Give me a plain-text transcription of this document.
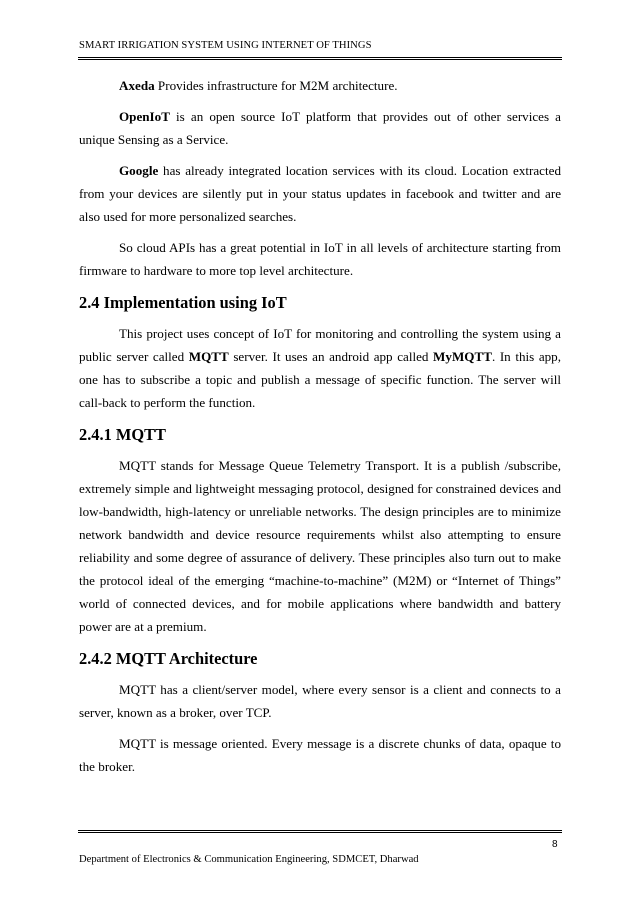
SMART IRRIGATION SYSTEM USING INTERNET OF THINGS

Axeda Provides infrastructure for M2M architecture.

OpenIoT is an open source IoT platform that provides out of other services a unique Sensing as a Service.

Google has already integrated location services with its cloud. Location extracted from your devices are silently put in your status updates in facebook and twitter and are also used for more personalized searches.

So cloud APIs has a great potential in IoT in all levels of architecture starting from firmware to hardware to more top level architecture.

2.4 Implementation using IoT

This project uses concept of IoT for monitoring and controlling the system using a public server called MQTT server. It uses an android app called MyMQTT. In this app, one has to subscribe a topic and publish a message of specific function. The server will call-back to perform the function.

2.4.1 MQTT

MQTT stands for Message Queue Telemetry Transport. It is a publish /subscribe, extremely simple and lightweight messaging protocol, designed for constrained devices and low-bandwidth, high-latency or unreliable networks. The design principles are to minimize network bandwidth and device resource requirements whilst also attempting to ensure reliability and some degree of assurance of delivery. These principles also turn out to make the protocol ideal of the emerging “machine-to-machine” (M2M) or “Internet of Things” world of connected devices, and for mobile applications where bandwidth and battery power are at a premium.

2.4.2 MQTT Architecture

MQTT has a client/server model, where every sensor is a client and connects to a server, known as a broker, over TCP.

MQTT is message oriented. Every message is a discrete chunks of data, opaque to the broker.

8
Department of Electronics & Communication Engineering, SDMCET, Dharwad
